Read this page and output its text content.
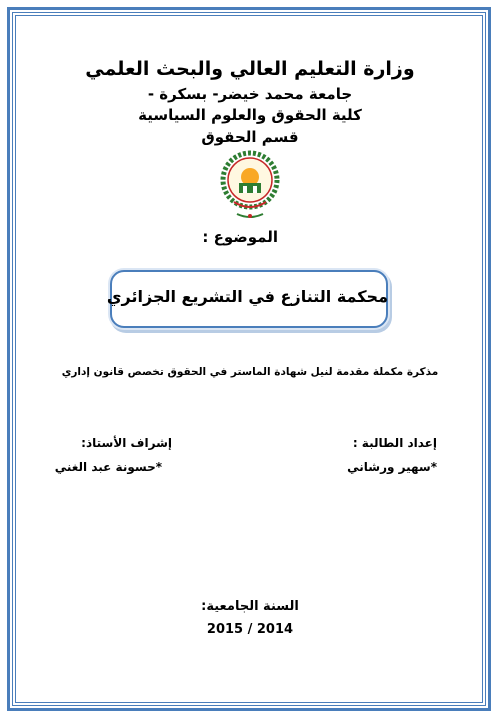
وزارة التعليم العالي والبحث العلمي
جامعة محمد خيضر- بسكرة -
كلية الحقوق والعلوم السياسية
قسم الحقوق
الموضوع :
محكمة التنازع في التشريع الجزائري
مذكرة مكملة مقدمة لنيل شهادة الماستر في الحقوق تخصص قانون إداري
إعداد الطالبة :
*سهير ورشاني
إشراف الأستاذ:
*حسونة عبد الغني
السنة الجامعية:
2015 / 2014
